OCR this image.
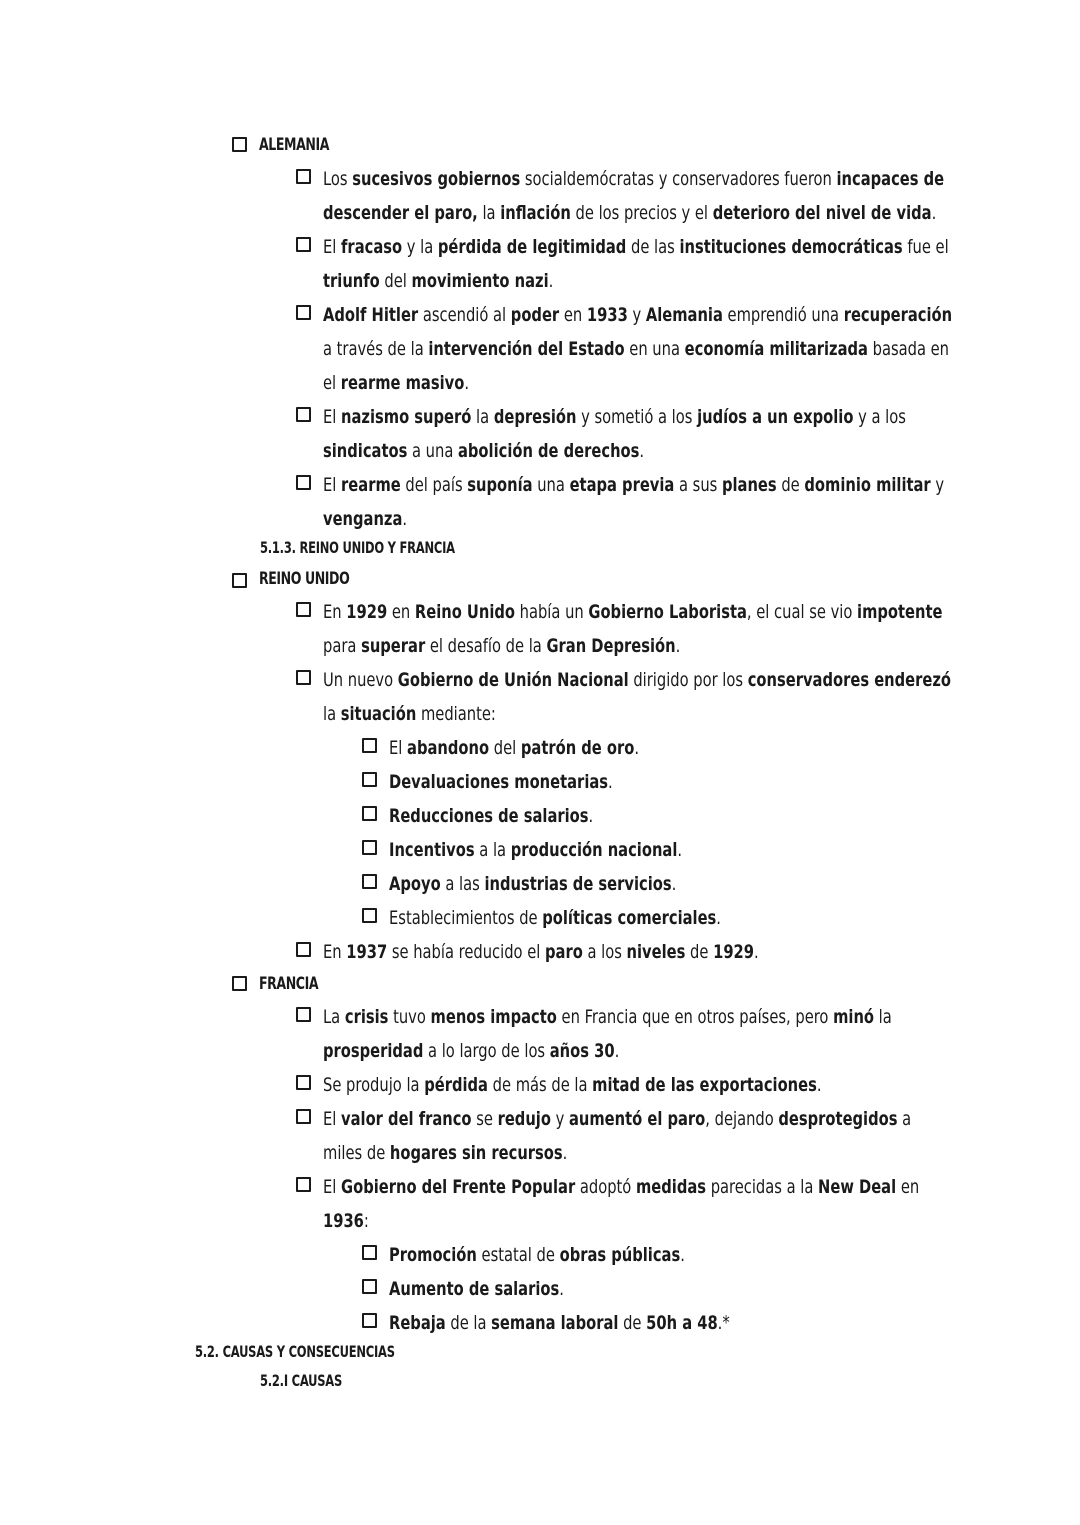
ALEMANIA
Los sucesivos gobiernos socialdemócratas y conservadores fueron incapaces de descender el paro, la inflación de los precios y el deterioro del nivel de vida.
El fracaso y la pérdida de legitimidad de las instituciones democráticas fue el triunfo del movimiento nazi.
Adolf Hitler ascendió al poder en 1933 y Alemania emprendió una recuperación a través de la intervención del Estado en una economía militarizada basada en el rearme masivo.
El nazismo superó la depresión y sometió a los judíos a un expolio y a los sindicatos a una abolición de derechos.
El rearme del país suponía una etapa previa a sus planes de dominio militar y venganza.
5.1.3. REINO UNIDO Y FRANCIA
REINO UNIDO
En 1929 en Reino Unido había un Gobierno Laborista, el cual se vio impotente para superar el desafío de la Gran Depresión.
Un nuevo Gobierno de Unión Nacional dirigido por los conservadores enderezó la situación mediante:
El abandono del patrón de oro.
Devaluaciones monetarias.
Reducciones de salarios.
Incentivos a la producción nacional.
Apoyo a las industrias de servicios.
Establecimientos de políticas comerciales.
En 1937 se había reducido el paro a los niveles de 1929.
FRANCIA
La crisis tuvo menos impacto en Francia que en otros países, pero minó la prosperidad a lo largo de los años 30.
Se produjo la pérdida de más de la mitad de las exportaciones.
El valor del franco se redujo y aumentó el paro, dejando desprotegidos a miles de hogares sin recursos.
El Gobierno del Frente Popular adoptó medidas parecidas a la New Deal en 1936:
Promoción estatal de obras públicas.
Aumento de salarios.
Rebaja de la semana laboral de 50h a 48.*
5.2. CAUSAS Y CONSECUENCIAS
5.2.I CAUSAS
